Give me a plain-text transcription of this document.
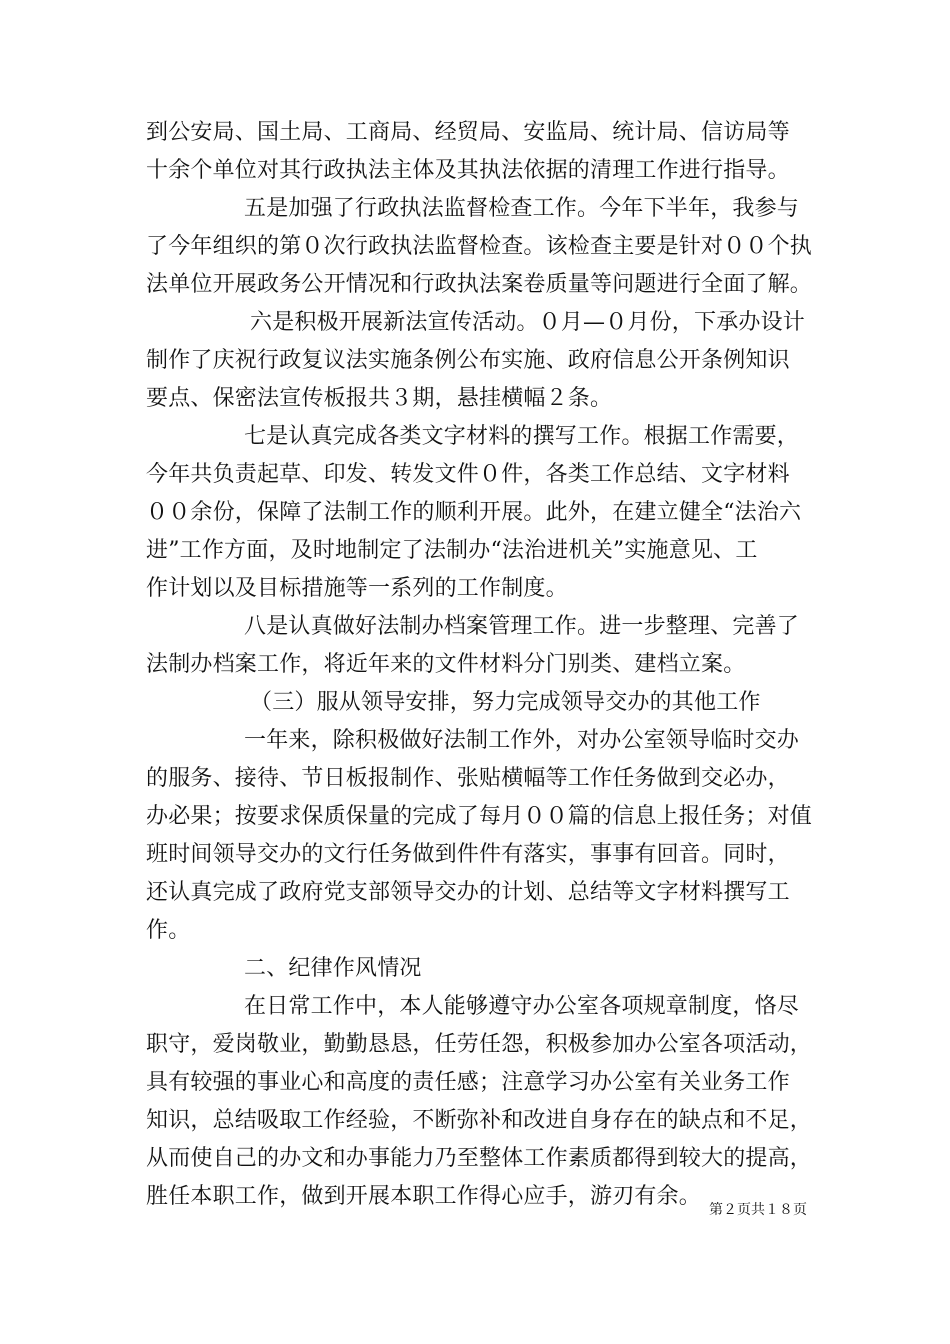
到公安局、国土局、工商局、经贸局、安监局、统计局、信访局等
十余个单位对其行政执法主体及其执法依据的清理工作进行指导。
五是加强了行政执法监督检查工作。今年下半年，我参与
了今年组织的第０次行政执法监督检查。该检查主要是针对００个执
法单位开展政务公开情况和行政执法案卷质量等问题进行全面了解。
六是积极开展新法宣传活动。０月—０月份，下承办设计
制作了庆祝行政复议法实施条例公布实施、政府信息公开条例知识
要点、保密法宣传板报共３期，悬挂横幅２条。
七是认真完成各类文字材料的撰写工作。根据工作需要，
今年共负责起草、印发、转发文件０件，各类工作总结、文字材料
００余份，保障了法制工作的顺利开展。此外，在建立健全“法治六
进”工作方面，及时地制定了法制办“法治进机关”实施意见、工
作计划以及目标措施等一系列的工作制度。
八是认真做好法制办档案管理工作。进一步整理、完善了
法制办档案工作，将近年来的文件材料分门别类、建档立案。
（三）服从领导安排，努力完成领导交办的其他工作
一年来，除积极做好法制工作外，对办公室领导临时交办
的服务、接待、节日板报制作、张贴横幅等工作任务做到交必办，
办必果；按要求保质保量的完成了每月００篇的信息上报任务；对值
班时间领导交办的文行任务做到件件有落实，事事有回音。同时，
还认真完成了政府党支部领导交办的计划、总结等文字材料撰写工
作。
二、纪律作风情况
在日常工作中，本人能够遵守办公室各项规章制度，恪尽
职守，爱岗敬业，勤勤恳恳，任劳任怨，积极参加办公室各项活动，
具有较强的事业心和高度的责任感；注意学习办公室有关业务工作
知识，总结吸取工作经验，不断弥补和改进自身存在的缺点和不足，
从而使自己的办文和办事能力乃至整体工作素质都得到较大的提高，
胜任本职工作，做到开展本职工作得心应手，游刃有余。
第２页共１８页
